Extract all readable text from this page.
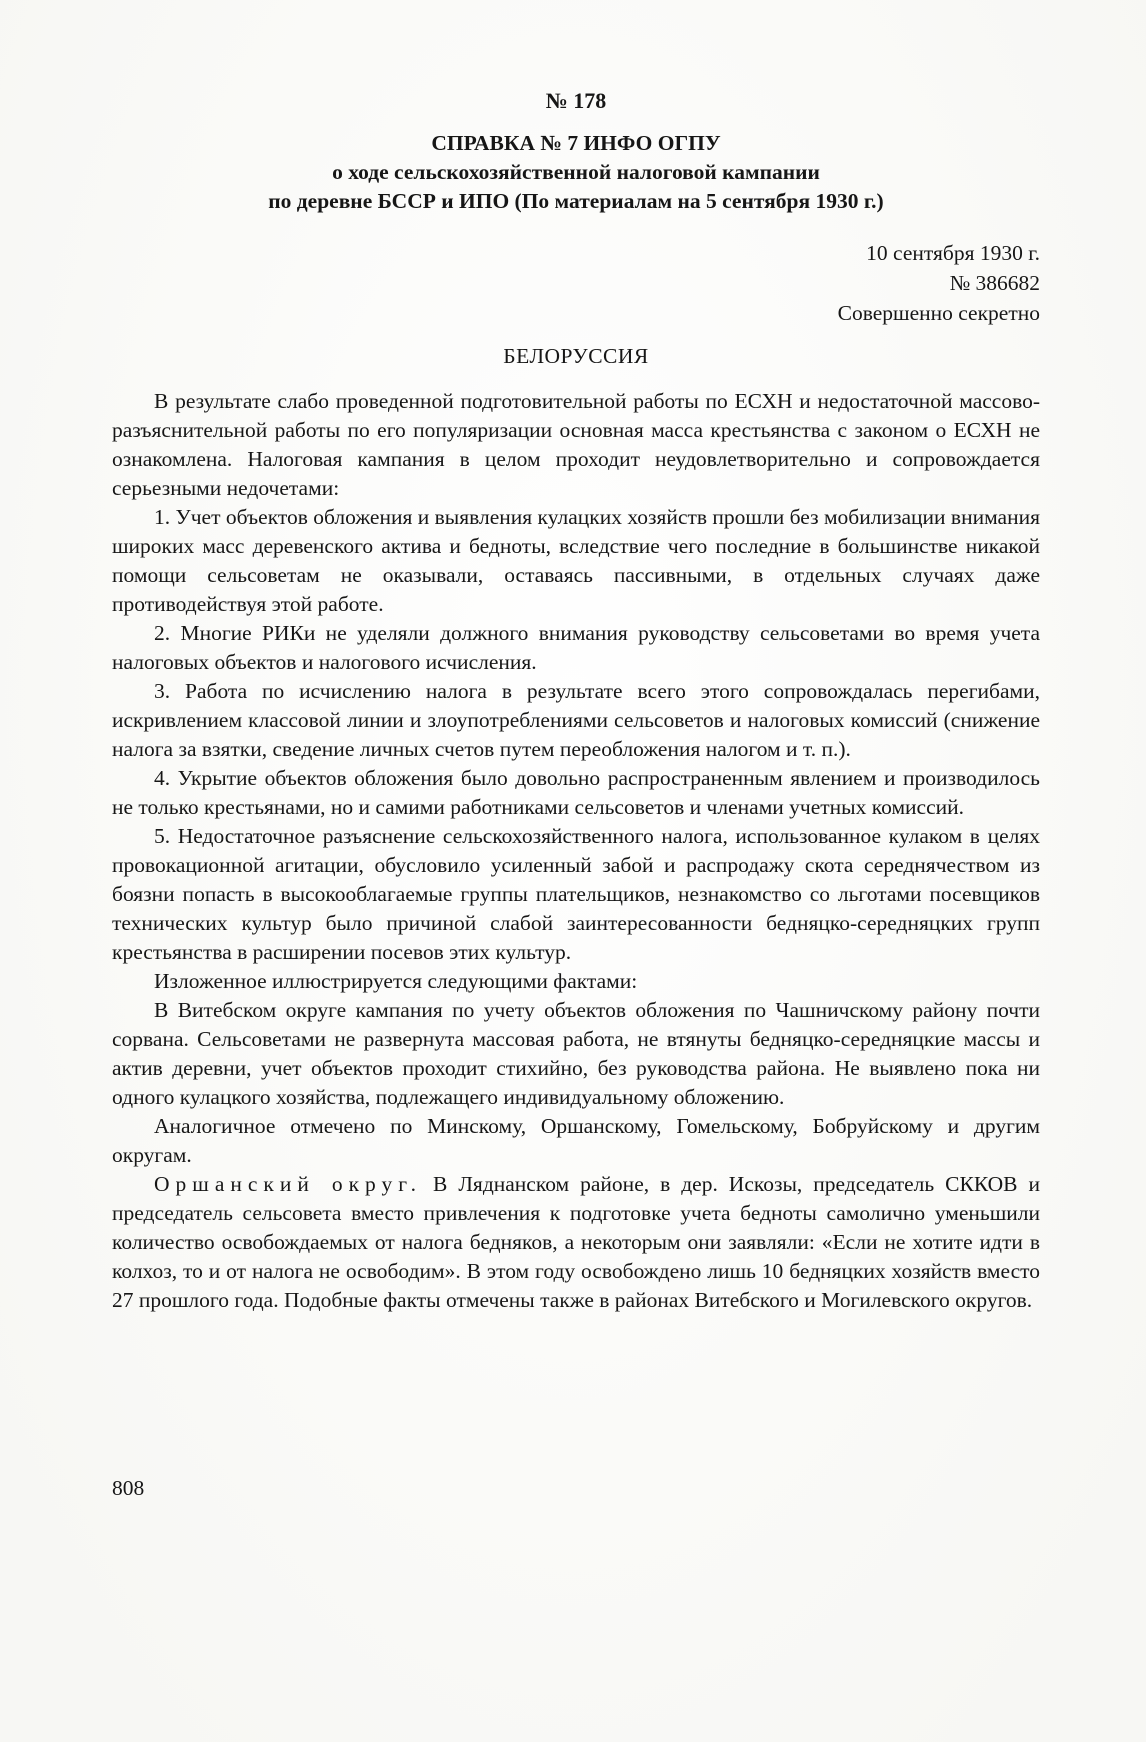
№ 178
СПРАВКА № 7 ИНФО ОГПУ
о ходе сельскохозяйственной налоговой кампании
по деревне БССР и ИПО (По материалам на 5 сентября 1930 г.)
10 сентября 1930 г.
№ 386682
Совершенно секретно
БЕЛОРУССИЯ

В результате слабо проведенной подготовительной работы по ЕСХН и недостаточной массово-разъяснительной работы по его популяризации основная масса крестьянства с законом о ЕСХН не ознакомлена. Налоговая кампания в целом проходит неудовлетворительно и сопровождается серьезными недочетами:

1. Учет объектов обложения и выявления кулацких хозяйств прошли без мобилизации внимания широких масс деревенского актива и бедноты, вследствие чего последние в большинстве никакой помощи сельсоветам не оказывали, оставаясь пассивными, в отдельных случаях даже противодействуя этой работе.

2. Многие РИКи не уделяли должного внимания руководству сельсоветами во время учета налоговых объектов и налогового исчисления.

3. Работа по исчислению налога в результате всего этого сопровождалась перегибами, искривлением классовой линии и злоупотреблениями сельсоветов и налоговых комиссий (снижение налога за взятки, сведение личных счетов путем переобложения налогом и т. п.).

4. Укрытие объектов обложения было довольно распространенным явлением и производилось не только крестьянами, но и самими работниками сельсоветов и членами учетных комиссий.

5. Недостаточное разъяснение сельскохозяйственного налога, использованное кулаком в целях провокационной агитации, обусловило усиленный забой и распродажу скота середнячеством из боязни попасть в высокооблагаемые группы плательщиков, незнакомство со льготами посевщиков технических культур было причиной слабой заинтересованности бедняцко-середняцких групп крестьянства в расширении посевов этих культур.

Изложенное иллюстрируется следующими фактами:

В Витебском округе кампания по учету объектов обложения по Чашничскому району почти сорвана. Сельсоветами не развернута массовая работа, не втянуты бедняцко-середняцкие массы и актив деревни, учет объектов проходит стихийно, без руководства района. Не выявлено пока ни одного кулацкого хозяйства, подлежащего индивидуальному обложению.

Аналогичное отмечено по Минскому, Оршанскому, Гомельскому, Бобруйскому и другим округам.

Оршанский округ. В Ляднанском районе, в дер. Искозы, председатель СККОВ и председатель сельсовета вместо привлечения к подготовке учета бедноты самолично уменьшили количество освобождаемых от налога бедняков, а некоторым они заявляли: «Если не хотите идти в колхоз, то и от налога не освободим». В этом году освобождено лишь 10 бедняцких хозяйств вместо 27 прошлого года. Подобные факты отмечены также в районах Витебского и Могилевского округов.

808
